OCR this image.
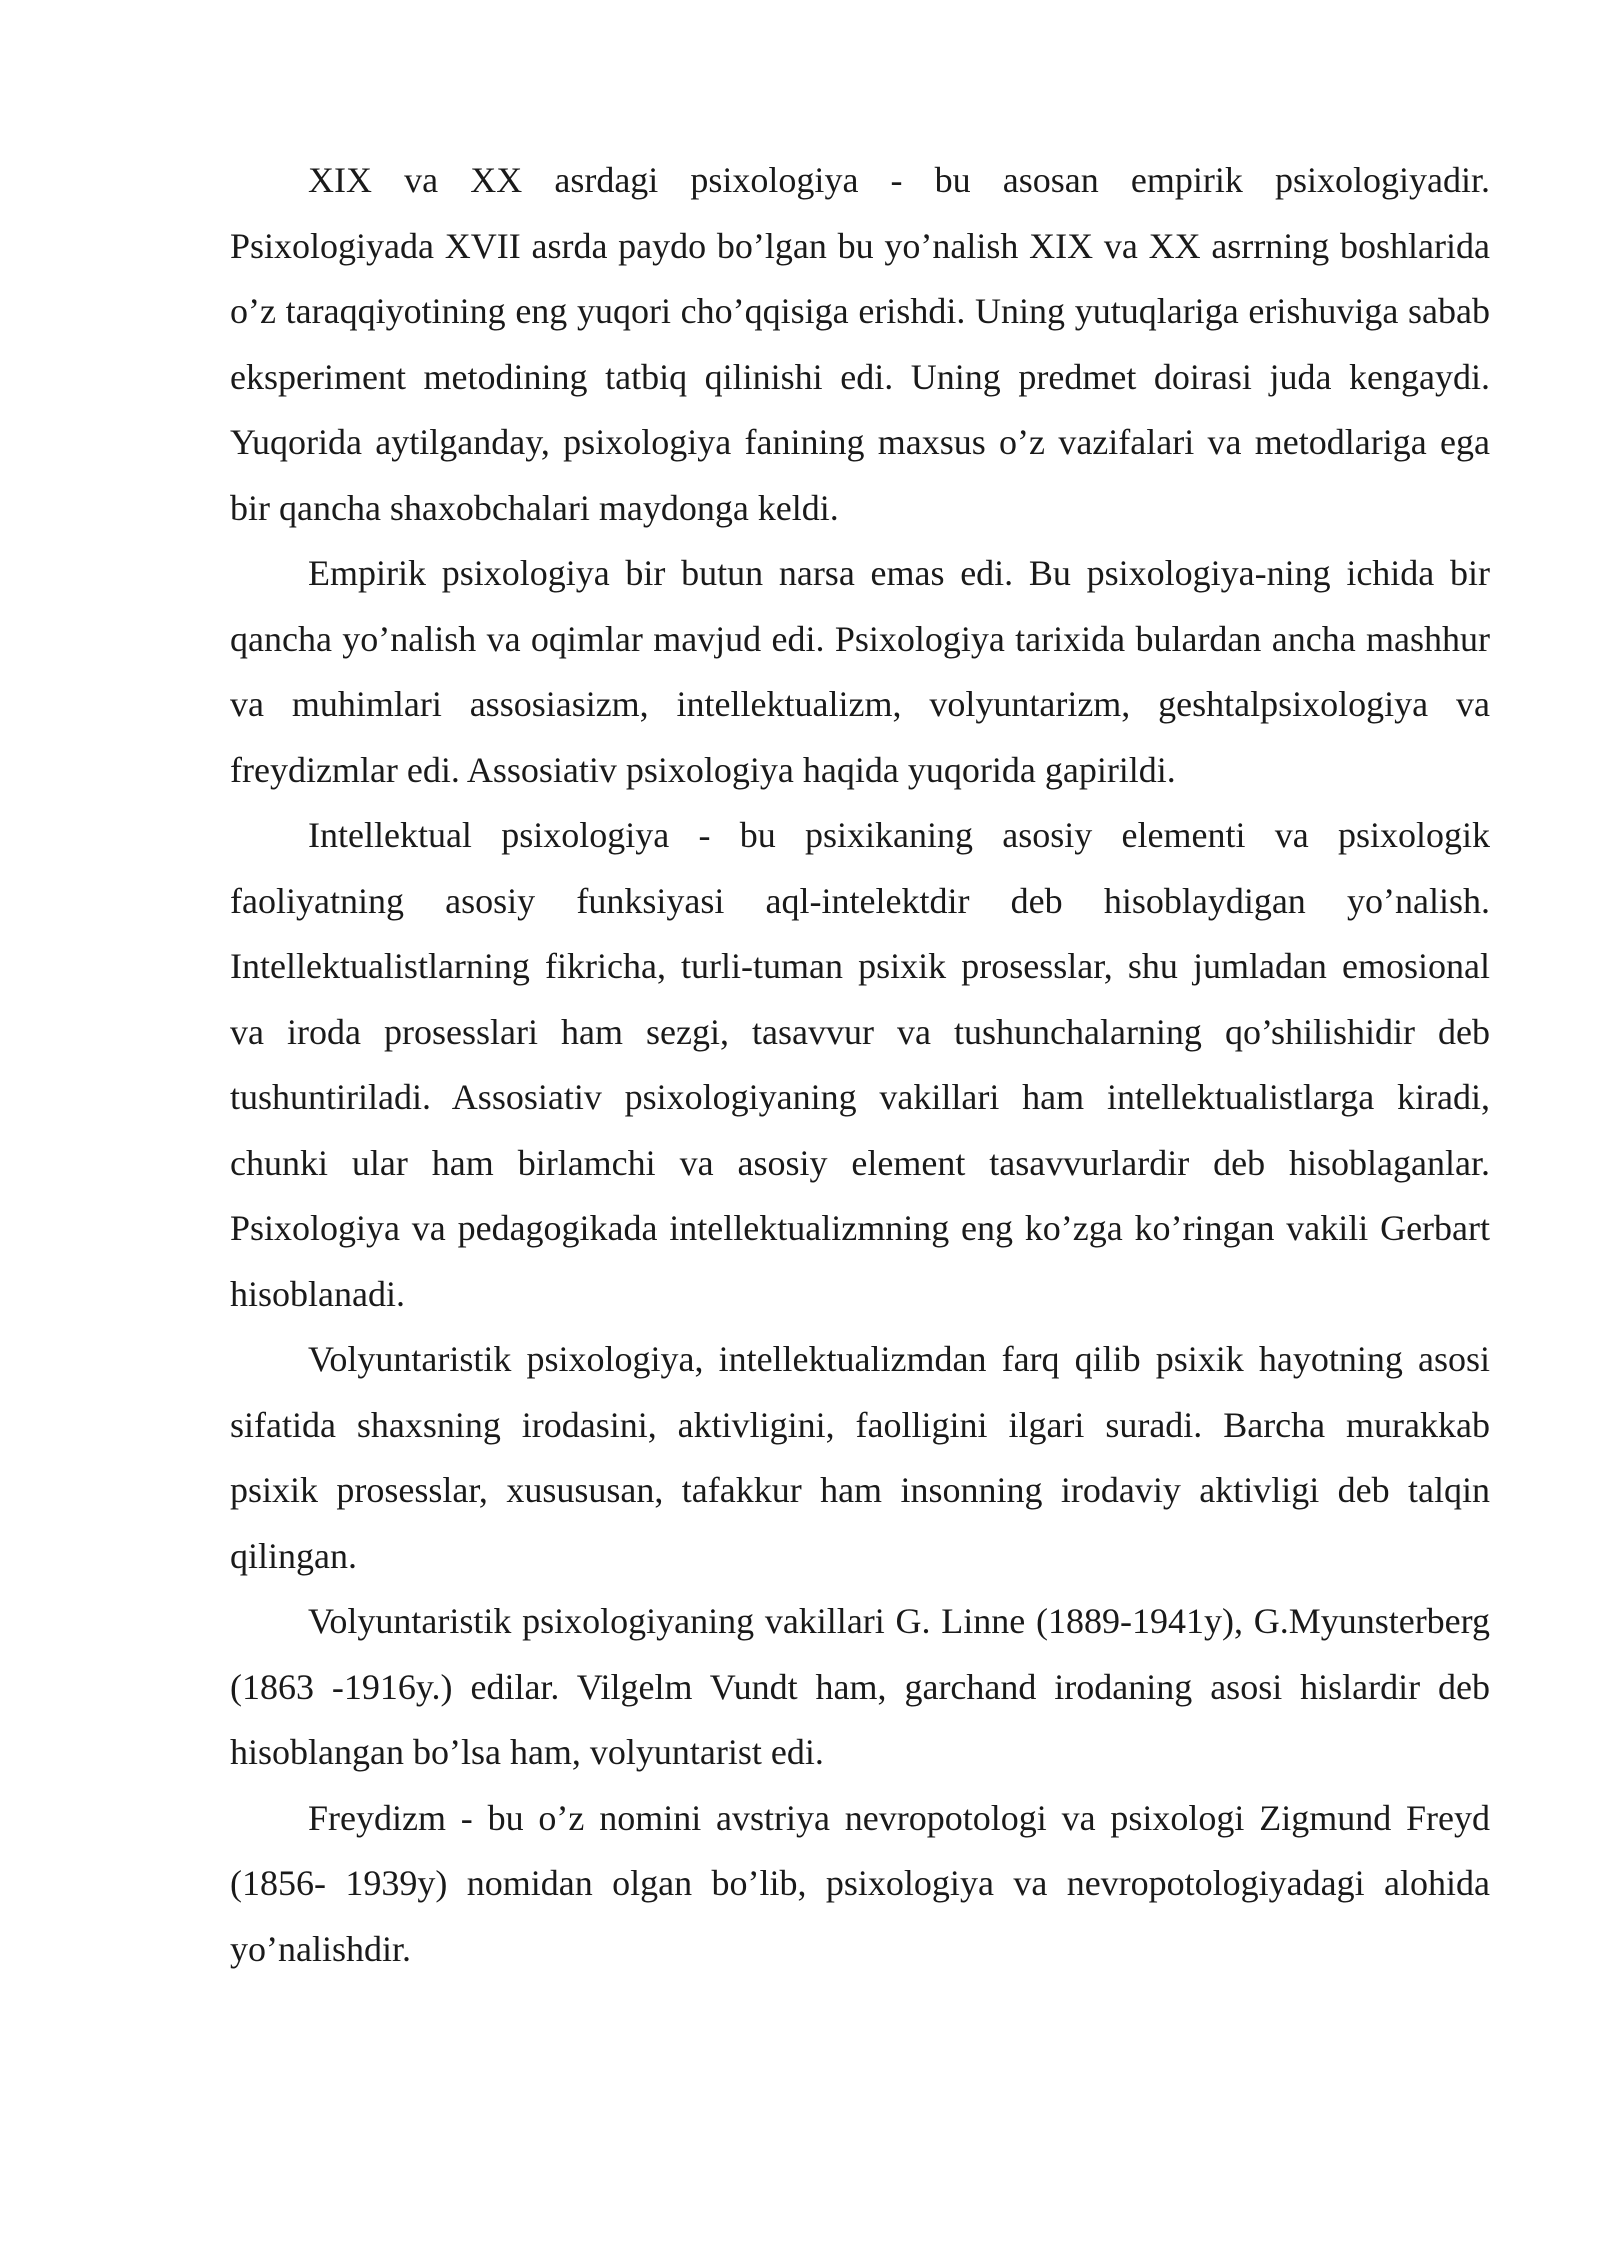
XIX va XX asrdagi psixologiya - bu asosan empirik psixologiyadir. Psixologiyada XVII asrda paydo bo’lgan bu yo’nalish XIX va XX asrrning boshlarida o’z taraqqiyotining eng yuqori cho’qqisiga erishdi. Uning yutuqlariga erishuviga sabab eksperiment metodining tatbiq qilinishi edi. Uning predmet doirasi juda kengaydi. Yuqorida aytilganday, psixologiya fanining maxsus o’z vazifalari va metodlariga ega bir qancha shaxobchalari maydonga keldi.

Empirik psixologiya bir butun narsa emas edi. Bu psixologiya-ning ichida bir qancha yo’nalish va oqimlar mavjud edi. Psixologiya tarixida bulardan ancha mashhur va muhimlari assosiasizm, intellektualizm, volyuntarizm, geshtalpsixologiya va freydizmlar edi. Assosiativ psixologiya haqida yuqorida gapirildi.

Intellektual psixologiya - bu psixikaning asosiy elementi va psixologik faoliyatning asosiy funksiyasi aql-intelektdir deb hisoblaydigan yo’nalish. Intellektualistlarning fikricha, turli-tuman psixik prosesslar, shu jumladan emosional va iroda prosesslari ham sezgi, tasavvur va tushunchalarning qo’shilishidir deb tushuntiriladi. Assosiativ psixologiyaning vakillari ham intellektualistlarga kiradi, chunki ular ham birlamchi va asosiy element tasavvurlardir deb hisoblaganlar. Psixologiya va pedagogikada intellektualizmning eng ko’zga ko’ringan vakili Gerbart hisoblanadi.

Volyuntaristik psixologiya, intellektualizmdan farq qilib psixik hayotning asosi sifatida shaxsning irodasini, aktivligini, faolligini ilgari suradi. Barcha murakkab psixik prosesslar, xusususan, tafakkur ham insonning irodaviy aktivligi deb talqin qilingan.

Volyuntaristik psixologiyaning vakillari G. Linne (1889-1941y), G.Myunsterberg (1863 -1916y.) edilar. Vilgelm Vundt ham, garchand irodaning asosi hislardir deb hisoblangan bo’lsa ham, volyuntarist edi.

Freydizm - bu o’z nomini avstriya nevropotologi va psixologi Zigmund Freyd (1856- 1939y) nomidan olgan bo’lib, psixologiya va nevropotologiyadagi alohida yo’nalishdir.
